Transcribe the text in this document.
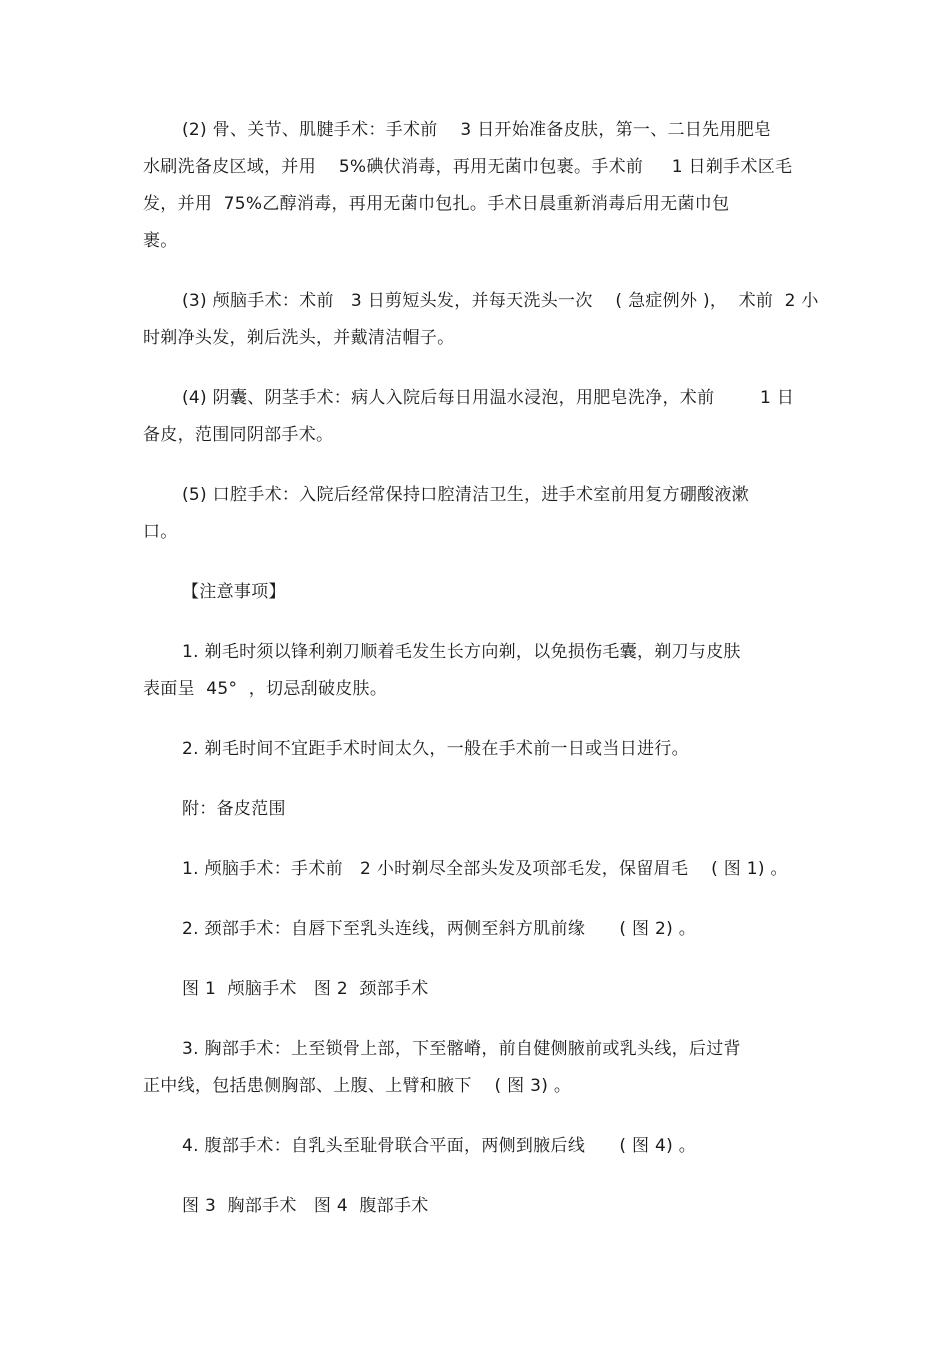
(2) 骨、关节、肌腱手术：手术前    3 日开始准备皮肤，第一、二日先用肥皂
水刷洗备皮区域，并用    5%碘伏消毒，再用无菌巾包裹。手术前     1 日剃手术区毛
发，并用  75%乙醇消毒，再用无菌巾包扎。手术日晨重新消毒后用无菌巾包
裹。
(3) 颅脑手术：术前   3 日剪短头发，并每天洗头一次    ( 急症例外 )，  术前  2 小
时剃净头发，剃后洗头，并戴清洁帽子。
(4) 阴囊、阴茎手术：病人入院后每日用温水浸泡，用肥皂洗净，术前        1 日
备皮，范围同阴部手术。
(5) 口腔手术：入院后经常保持口腔清洁卫生，进手术室前用复方硼酸液漱
口。
【注意事项】
1. 剃毛时须以锋利剃刀顺着毛发生长方向剃，以免损伤毛囊，剃刀与皮肤
表面呈  45°  ，切忌刮破皮肤。
2. 剃毛时间不宜距手术时间太久，一般在手术前一日或当日进行。
附：备皮范围
1. 颅脑手术：手术前   2 小时剃尽全部头发及项部毛发，保留眉毛    ( 图 1) 。
2. 颈部手术：自唇下至乳头连线，两侧至斜方肌前缘      ( 图 2) 。
图 1  颅脑手术   图 2  颈部手术
3. 胸部手术：上至锁骨上部，下至髂嵴，前自健侧腋前或乳头线，后过背
正中线，包括患侧胸部、上腹、上臂和腋下    ( 图 3) 。
4. 腹部手术：自乳头至耻骨联合平面，两侧到腋后线      ( 图 4) 。
图 3  胸部手术   图 4  腹部手术
